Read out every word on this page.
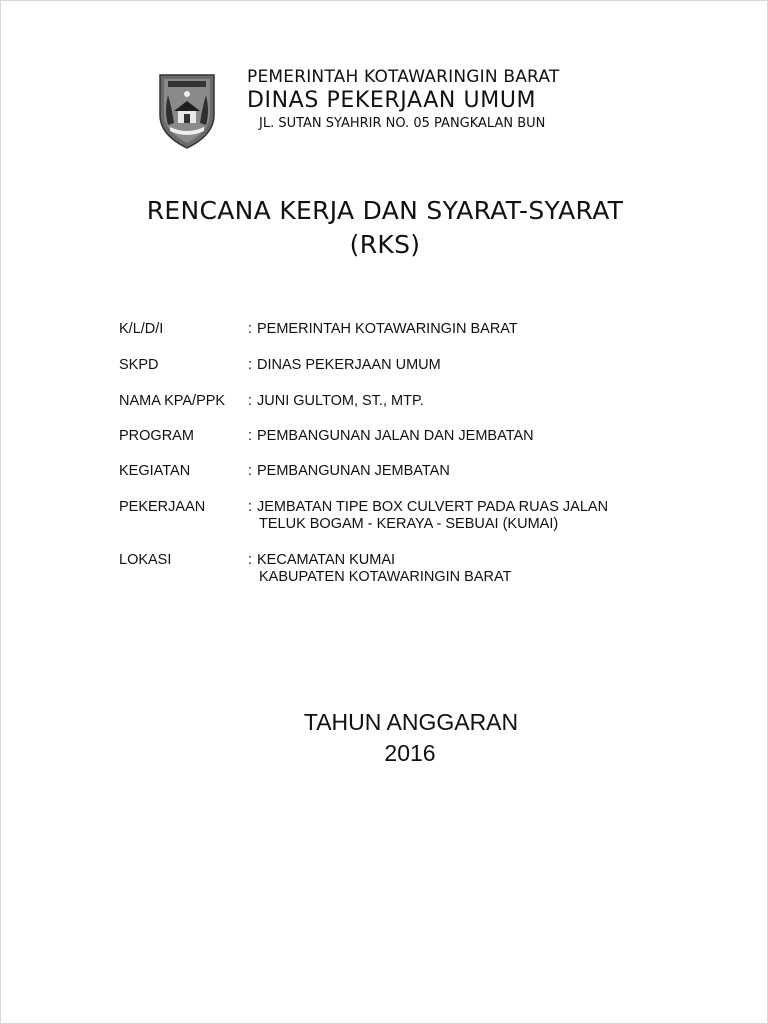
PEMERINTAH KOTAWARINGIN BARAT
DINAS PEKERJAAN UMUM
JL. SUTAN SYAHRIR NO. 05 PANGKALAN BUN
RENCANA KERJA DAN SYARAT-SYARAT
(RKS)
K/L/D/I	: PEMERINTAH KOTAWARINGIN BARAT
SKPD	: DINAS PEKERJAAN UMUM
NAMA KPA/PPK	: JUNI GULTOM, ST., MTP.
PROGRAM	: PEMBANGUNAN JALAN DAN JEMBATAN
KEGIATAN	: PEMBANGUNAN JEMBATAN
PEKERJAAN	: JEMBATAN TIPE BOX CULVERT PADA RUAS JALAN
TELUK BOGAM - KERAYA - SEBUAI (KUMAI)
LOKASI	: KECAMATAN KUMAI
KABUPATEN KOTAWARINGIN BARAT
TAHUN ANGGARAN
2016
